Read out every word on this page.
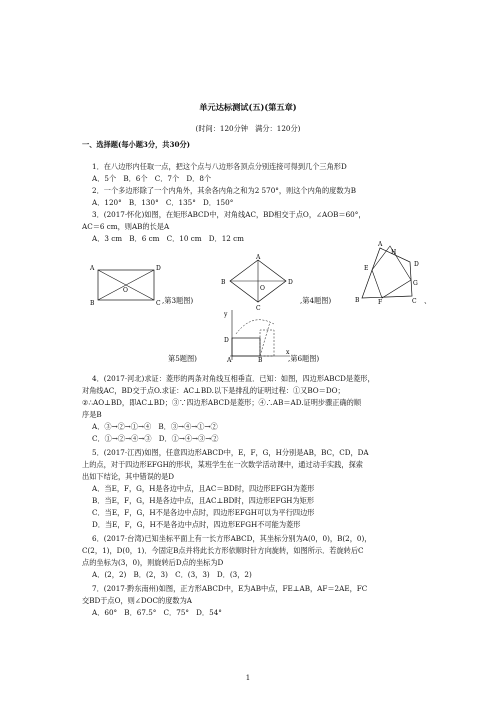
单元达标测试(五)(第五章)
(时间：120分钟　满分：120分)
一、选择题(每小题3分，共30分)
1．在八边形内任取一点，把这个点与八边形各顶点分别连接可得到几个三角形D
A．5个　B．6个　C．7个　D．8个
2．一个多边形除了一个内角外，其余各内角之和为2 570°，则这个内角的度数为B
A．120°　B．130°　C．135°　D．150°
3．(2017·怀化)如图，在矩形ABCD中，对角线AC，BD相交于点O，∠AOB＝60°，
AC＝6 cm，则AB的长是A
A．3 cm　B．6 cm　C．10 cm　D．12 cm
A	D
B	C
O
,第3题图)
A
B	D
C
O
,第4题图)
A
H
E
D
G
C
B	F	、
y
x
D
A	B
第5题图)	,第6题图)
4．(2017·河北)求证：菱形的两条对角线互相垂直．已知：如图，四边形ABCD是菱形，
对角线AC，BD交于点O.求证：AC⊥BD.以下是排乱的证明过程：①又BO＝DO；
②∴AO⊥BD，即AC⊥BD；③∵四边形ABCD是菱形；④∴AB＝AD.证明步骤正确的顺
序是B
A．③→②→①→④　B．③→④→①→②
C．①→②→④→③　D．①→④→③→②
5．(2017·江西)如图，任意四边形ABCD中，E，F，G，H分别是AB，BC，CD，DA
上的点，对于四边形EFGH的形状，某班学生在一次数学活动课中，通过动手实践，探索
出如下结论，其中错误的是D
A．当E，F，G，H是各边中点，且AC＝BD时，四边形EFGH为菱形
B．当E，F，G，H是各边中点，且AC⊥BD时，四边形EFGH为矩形
C．当E，F，G，H不是各边中点时，四边形EFGH可以为平行四边形
D．当E，F，G，H不是各边中点时，四边形EFGH不可能为菱形
6．(2017·台湾)已知坐标平面上有一长方形ABCD，其坐标分别为A(0，0)，B(2，0)，
C(2，1)，D(0，1)．今固定B点并将此长方形依顺时针方向旋转，如图所示．若旋转后C
点的坐标为(3，0)，则旋转后D点的坐标为D
A．(2，2)　B．(2，3)　C．(3，3)　D．(3，2)
7．(2017·黔东南州)如图，正方形ABCD中，E为AB中点，FE⊥AB，AF＝2AE，FC
交BD于点O，则∠DOC的度数为A
A．60°　B．67.5°　C．75°　D．54°
1
